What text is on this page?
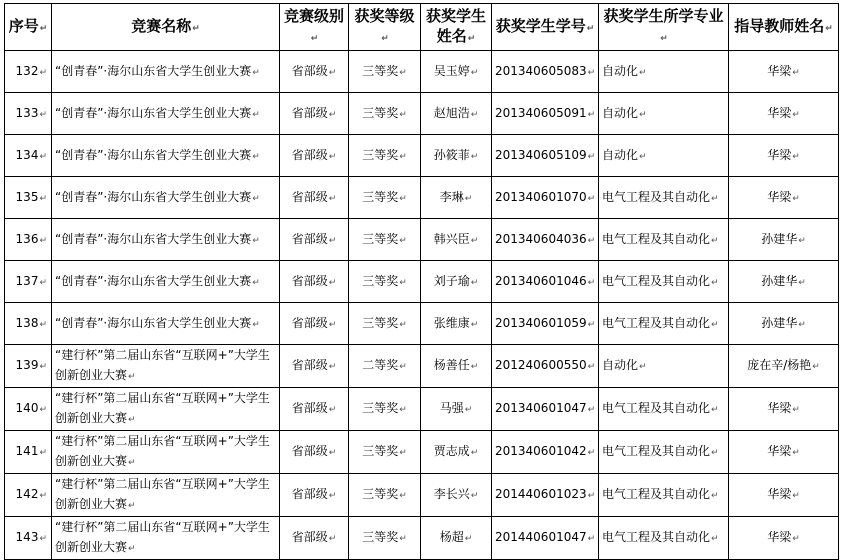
序号↵	竞赛名称↵	竞赛级别↵	获奖等级↵	获奖学生姓名↵	获奖学生学号↵	获奖学生所学专业↵	指导教师姓名↵
132↵	“创青春”·海尔山东省大学生创业大赛↵	省部级↵	三等奖↵	吴玉婷↵	201340605083↵	自动化↵	华梁↵
133↵	“创青春”·海尔山东省大学生创业大赛↵	省部级↵	三等奖↵	赵旭浩↵	201340605091↵	自动化↵	华梁↵
134↵	“创青春”·海尔山东省大学生创业大赛↵	省部级↵	三等奖↵	孙筱菲↵	201340605109↵	自动化↵	华梁↵
135↵	“创青春”·海尔山东省大学生创业大赛↵	省部级↵	三等奖↵	李琳↵	201340601070↵	电气工程及其自动化↵	华梁↵
136↵	“创青春”·海尔山东省大学生创业大赛↵	省部级↵	三等奖↵	韩兴臣↵	201340604036↵	电气工程及其自动化↵	孙建华↵
137↵	“创青春”·海尔山东省大学生创业大赛↵	省部级↵	三等奖↵	刘子瑜↵	201340601046↵	电气工程及其自动化↵	孙建华↵
138↵	“创青春”·海尔山东省大学生创业大赛↵	省部级↵	三等奖↵	张维康↵	201340601059↵	电气工程及其自动化↵	孙建华↵
139↵	“建行杯”第二届山东省“互联网+”大学生创新创业大赛↵	省部级↵	二等奖↵	杨善任↵	201240600550↵	自动化↵	庞在辛/杨艳↵
140↵	“建行杯”第二届山东省“互联网+”大学生创新创业大赛↵	省部级↵	三等奖↵	马强↵	201340601047↵	电气工程及其自动化↵	华梁↵
141↵	“建行杯”第二届山东省“互联网+”大学生创新创业大赛↵	省部级↵	三等奖↵	贾志成↵	201340601042↵	电气工程及其自动化↵	华梁↵
142↵	“建行杯”第二届山东省“互联网+”大学生创新创业大赛↵	省部级↵	三等奖↵	李长兴↵	201440601023↵	电气工程及其自动化↵	华梁↵
143↵	“建行杯”第二届山东省“互联网+”大学生创新创业大赛↵	省部级↵	三等奖↵	杨超↵	201440601047↵	电气工程及其自动化↵	华梁↵
